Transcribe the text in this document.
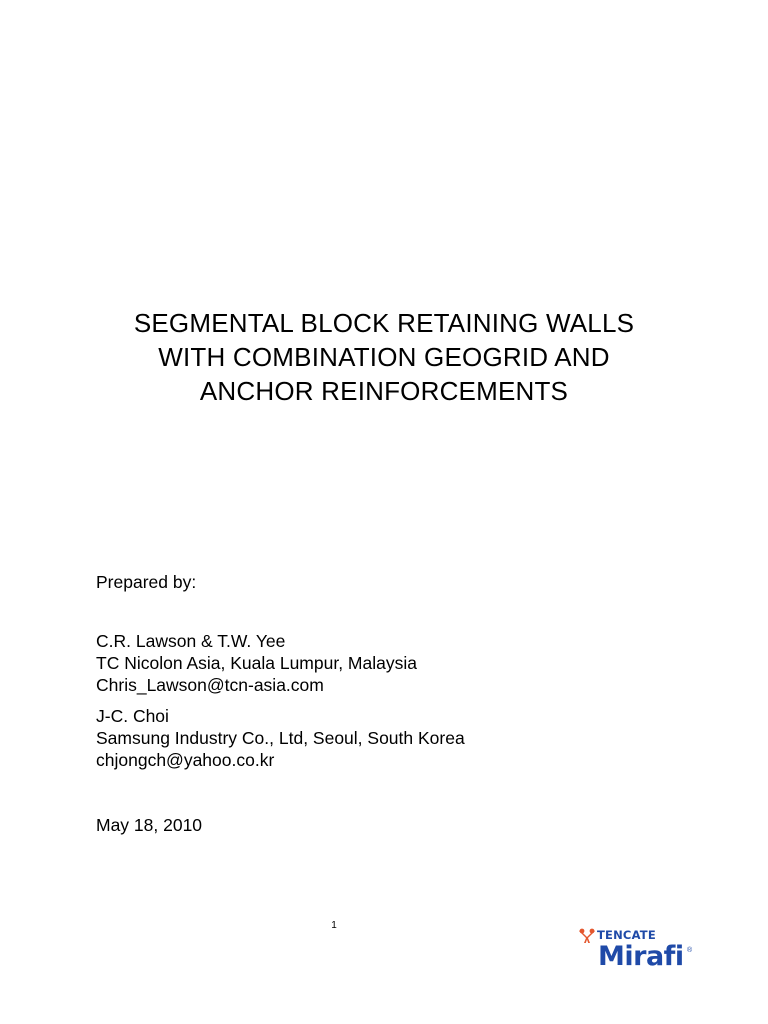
SEGMENTAL BLOCK RETAINING WALLS
WITH COMBINATION GEOGRID AND
ANCHOR REINFORCEMENTS
Prepared by:
C.R. Lawson & T.W. Yee
TC Nicolon Asia, Kuala Lumpur, Malaysia
Chris_Lawson@tcn-asia.com
J-C. Choi
Samsung Industry Co., Ltd, Seoul, South Korea
chjongch@yahoo.co.kr
May 18, 2010
1
TENCATE
Mirafi ®
